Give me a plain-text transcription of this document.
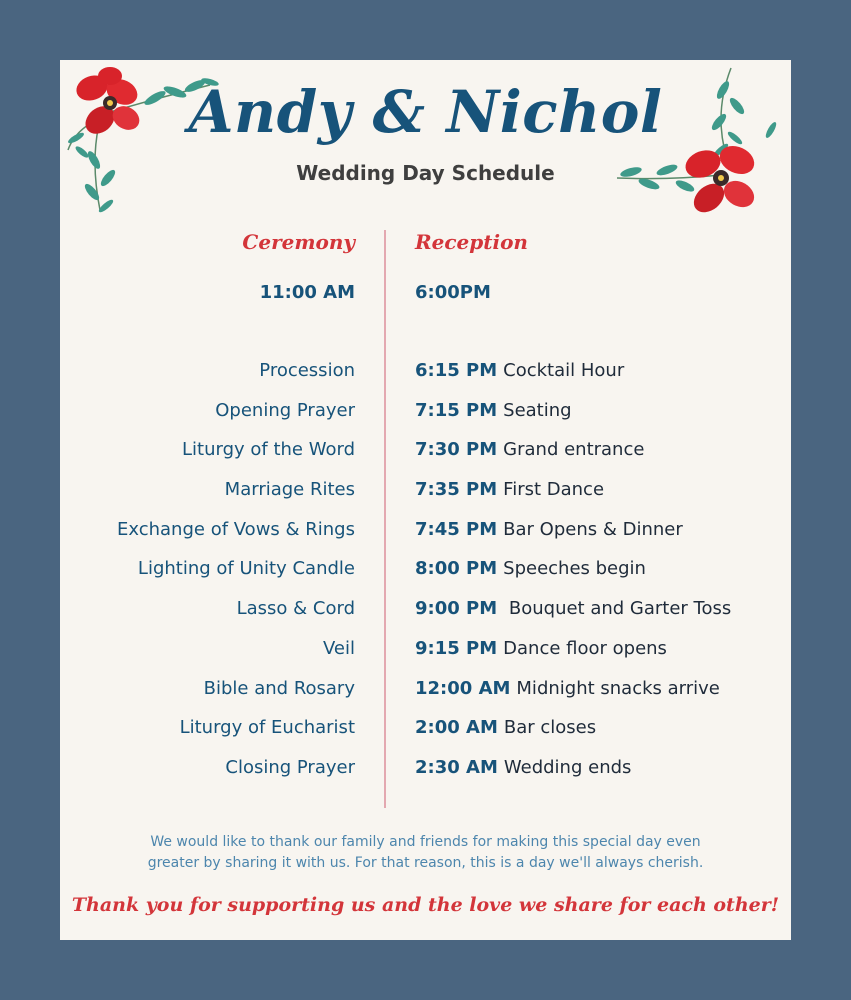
Andy & Nichol
Wedding Day Schedule
Ceremony	Reception
11:00 AM	6:00PM
Procession
Opening Prayer
Liturgy of the Word
Marriage Rites
Exchange of Vows & Rings
Lighting of Unity Candle
Lasso & Cord
Veil
Bible and Rosary
Liturgy of Eucharist
Closing Prayer
6:15 PM Cocktail Hour
7:15 PM Seating
7:30 PM Grand entrance
7:35 PM First Dance
7:45 PM Bar Opens & Dinner
8:00 PM Speeches begin
9:00 PM Bouquet and Garter Toss
9:15 PM Dance floor opens
12:00 AM Midnight snacks arrive
2:00 AM Bar closes
2:30 AM Wedding ends
We would like to thank our family and friends for making this special day even
greater by sharing it with us. For that reason, this is a day we'll always cherish.
Thank you for supporting us and the love we share for each other!
